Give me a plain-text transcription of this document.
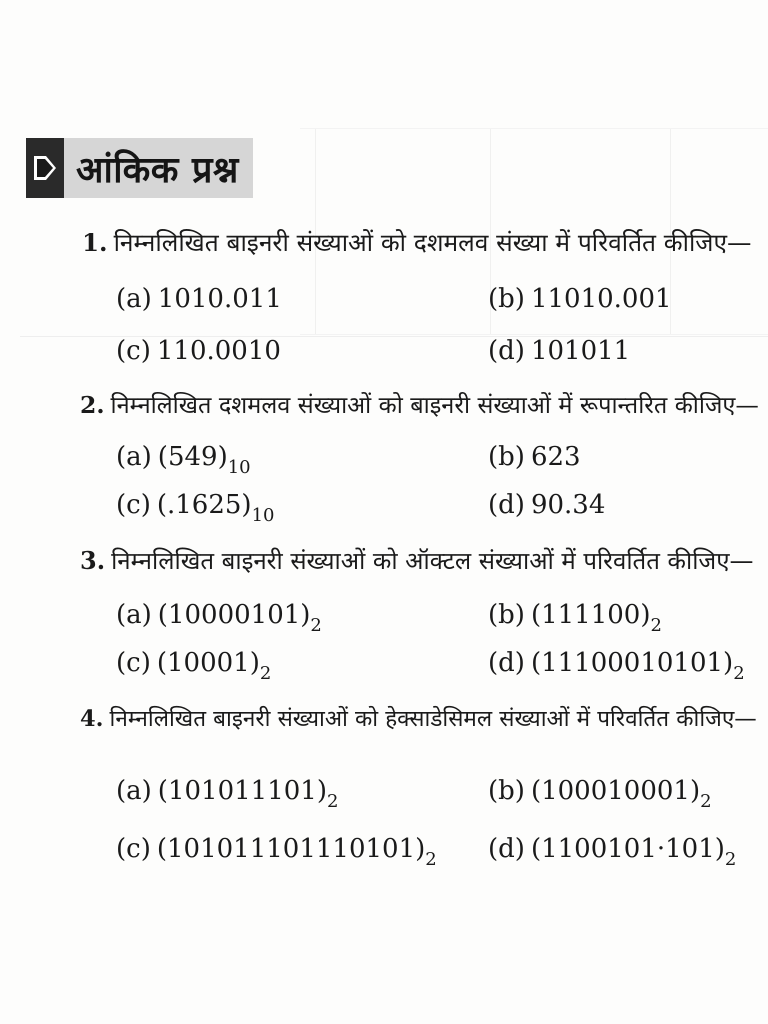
आंकिक प्रश्न
1. निम्नलिखित बाइनरी संख्याओं को दशमलव संख्या में परिवर्तित कीजिए—
(a) 1010.011	(b) 11010.001
(c) 110.0010	(d) 101011
2. निम्नलिखित दशमलव संख्याओं को बाइनरी संख्याओं में रूपान्तरित कीजिए—
(a) $(549)_{10}$	(b) 623
(c) $(.1625)_{10}$	(d) 90.34
3. निम्नलिखित बाइनरी संख्याओं को ऑक्टल संख्याओं में परिवर्तित कीजिए—
(a) $(10000101)_2$	(b) $(111100)_2$
(c) $(10001)_2$	(d) $(11100010101)_2$
4. निम्नलिखित बाइनरी संख्याओं को हेक्साडेसिमल संख्याओं में परिवर्तित कीजिए—
(a) $(101011101)_2$	(b) $(100010001)_2$
(c) $(101011101110101)_2$ (d) $(1100101\cdot 101)_2$
